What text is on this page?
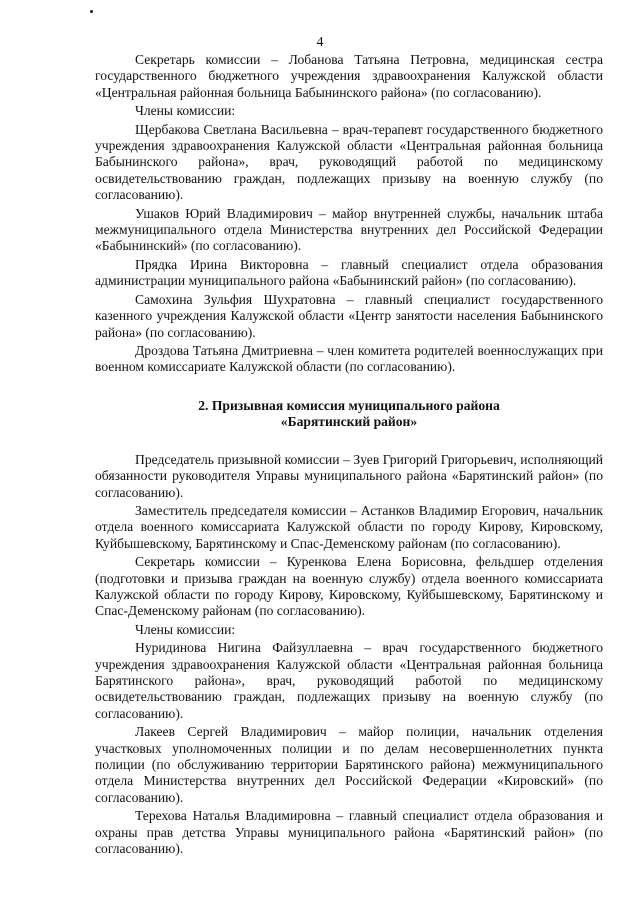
4

Секретарь комиссии – Лобанова Татьяна Петровна, медицинская сестра государственного бюджетного учреждения здравоохранения Калужской области «Центральная районная больница Бабынинского района» (по согласованию).

Члены комиссии:

Щербакова Светлана Васильевна – врач-терапевт государственного бюджетного учреждения здравоохранения Калужской области «Центральная районная больница Бабынинского района», врач, руководящий работой по медицинскому освидетельствованию граждан, подлежащих призыву на военную службу (по согласованию).

Ушаков Юрий Владимирович – майор внутренней службы, начальник штаба межмуниципального отдела Министерства внутренних дел Российской Федерации «Бабынинский» (по согласованию).

Прядка Ирина Викторовна – главный специалист отдела образования администрации муниципального района «Бабынинский район» (по согласованию).

Самохина Зульфия Шухратовна – главный специалист государственного казенного учреждения Калужской области «Центр занятости населения Бабынинского района» (по согласованию).

Дроздова Татьяна Дмитриевна – член комитета родителей военнослужащих при военном комиссариате Калужской области (по согласованию).

2. Призывная комиссия муниципального района
«Барятинский район»

Председатель призывной комиссии – Зуев Григорий Григорьевич, исполняющий обязанности руководителя Управы муниципального района «Барятинский район» (по согласованию).

Заместитель председателя комиссии – Астанков Владимир Егорович, начальник отдела военного комиссариата Калужской области по городу Кирову, Кировскому, Куйбышевскому, Барятинскому и Спас-Деменскому районам (по согласованию).

Секретарь комиссии – Куренкова Елена Борисовна, фельдшер отделения (подготовки и призыва граждан на военную службу) отдела военного комиссариата Калужской области по городу Кирову, Кировскому, Куйбышевскому, Барятинскому и Спас-Деменскому районам (по согласованию).

Члены комиссии:

Нуридинова Нигина Файзуллаевна – врач государственного бюджетного учреждения здравоохранения Калужской области «Центральная районная больница Барятинского района», врач, руководящий работой по медицинскому освидетельствованию граждан, подлежащих призыву на военную службу (по согласованию).

Лакеев Сергей Владимирович – майор полиции, начальник отделения участковых уполномоченных полиции и по делам несовершеннолетних пункта полиции (по обслуживанию территории Барятинского района) межмуниципального отдела Министерства внутренних дел Российской Федерации «Кировский» (по согласованию).

Терехова Наталья Владимировна – главный специалист отдела образования и охраны прав детства Управы муниципального района «Барятинский район» (по согласованию).
